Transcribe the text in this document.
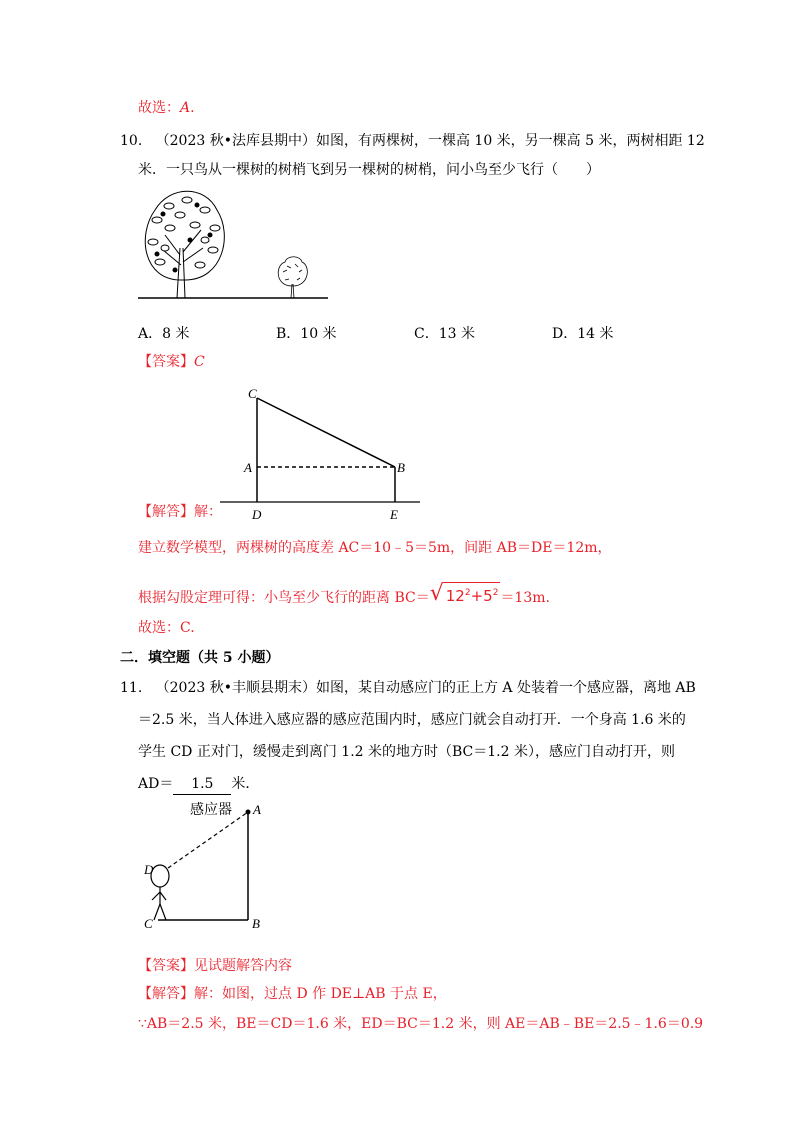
故选：A.
10. （2023 秋•法库县期中）如图，有两棵树，一棵高 10 米，另一棵高 5 米，两树相距 12
米．一只鸟从一棵树的树梢飞到另一棵树的树梢，问小鸟至少飞行（　　）
A．8 米	B．10 米	C．13 米	D．14 米
【答案】C
C
A	B
D	E
【解答】解：
建立数学模型，两棵树的高度差 AC＝10﹣5＝5m，间距 AB＝DE＝12m，
根据勾股定理可得：小鸟至少飞行的距离 BC＝ √ $12^2+5^2 =13m$.
故选：C.
二．填空题（共 5 小题）
11. （2023 秋•丰顺县期末）如图，某自动感应门的正上方 A 处装着一个感应器，离地 AB
＝2.5 米，当人体进入感应器的感应范围内时，感应门就会自动打开．一个身高 1.6 米的
学生 CD 正对门，缓慢走到离门 1.2 米的地方时（BC＝1.2 米），感应门自动打开，则
AD＝ 1.5 米．
感应器 A
D
C	B
【答案】见试题解答内容
【解答】解：如图，过点 D 作 DE⊥AB 于点 E，
∵AB＝2.5 米，BE＝CD＝1.6 米，ED＝BC＝1.2 米，则 AE＝AB﹣BE＝2.5﹣1.6＝0.9
